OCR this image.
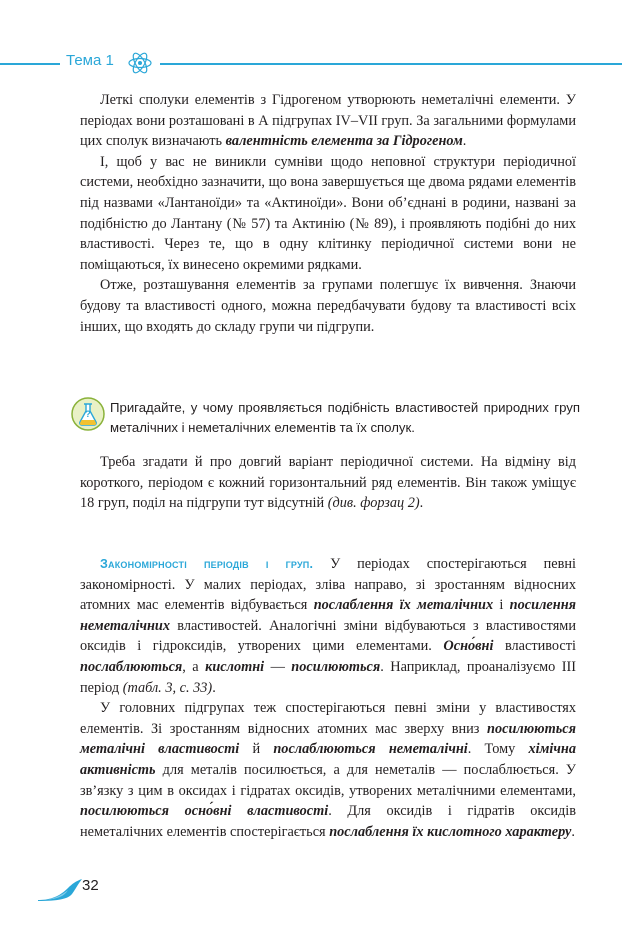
Тема 1

Леткі сполуки елементів з Гідрогеном утворюють неметалічні елементи. У періодах вони розташовані в А підгрупах IV–VII груп. За загальними формулами цих сполук визначають валентність елемента за Гідрогеном.

І, щоб у вас не виникли сумніви щодо неповної структури періодичної системи, необхідно зазначити, що вона завершується ще двома рядами елементів під назвами «Лантаноїди» та «Актиноїди». Вони об’єднані в родини, названі за подібністю до Лантану (№ 57) та Актинію (№ 89), і проявляють подібні до них властивості. Через те, що в одну клітинку періодичної системи вони не поміщаються, їх винесено окремими рядками.

Отже, розташування елементів за групами полегшує їх вивчення. Знаючи будову та властивості одного, можна передбачувати будову та властивості всіх інших, що входять до складу групи чи підгрупи.

? Пригадайте, у чому проявляється подібність властивостей природних груп металічних і неметалічних елементів та їх сполук.

Треба згадати й про довгий варіант періодичної системи. На відміну від короткого, періодом є кожний горизонтальний ряд елементів. Він також уміщує 18 груп, поділ на підгрупи тут відсутній (див. форзац 2).

Закономірності періодів і груп. У періодах спостерігаються певні закономірності. У малих періодах, зліва направо, зі зростанням відносних атомних мас елементів відбувається послаблення їх металічних і посилення неметалічних властивостей. Аналогічні зміни відбуваються з властивостями оксидів і гідроксидів, утворених цими елементами. Осно́вні властивості послаблюються, а кислотні — посилюються. Наприклад, проаналізуємо III період (табл. 3, с. 33).

У головних підгрупах теж спостерігаються певні зміни у властивостях елементів. Зі зростанням відносних атомних мас зверху вниз посилюються металічні властивості й послаблюються неметалічні. Тому хімічна активність для металів посилюється, а для неметалів — послаблюється. У зв’язку з цим в оксидах і гідратах оксидів, утворених металічними елементами, посилюються осно́вні властивості. Для оксидів і гідратів оксидів неметалічних елементів спостерігається послаблення їх кислотного характеру.

32
